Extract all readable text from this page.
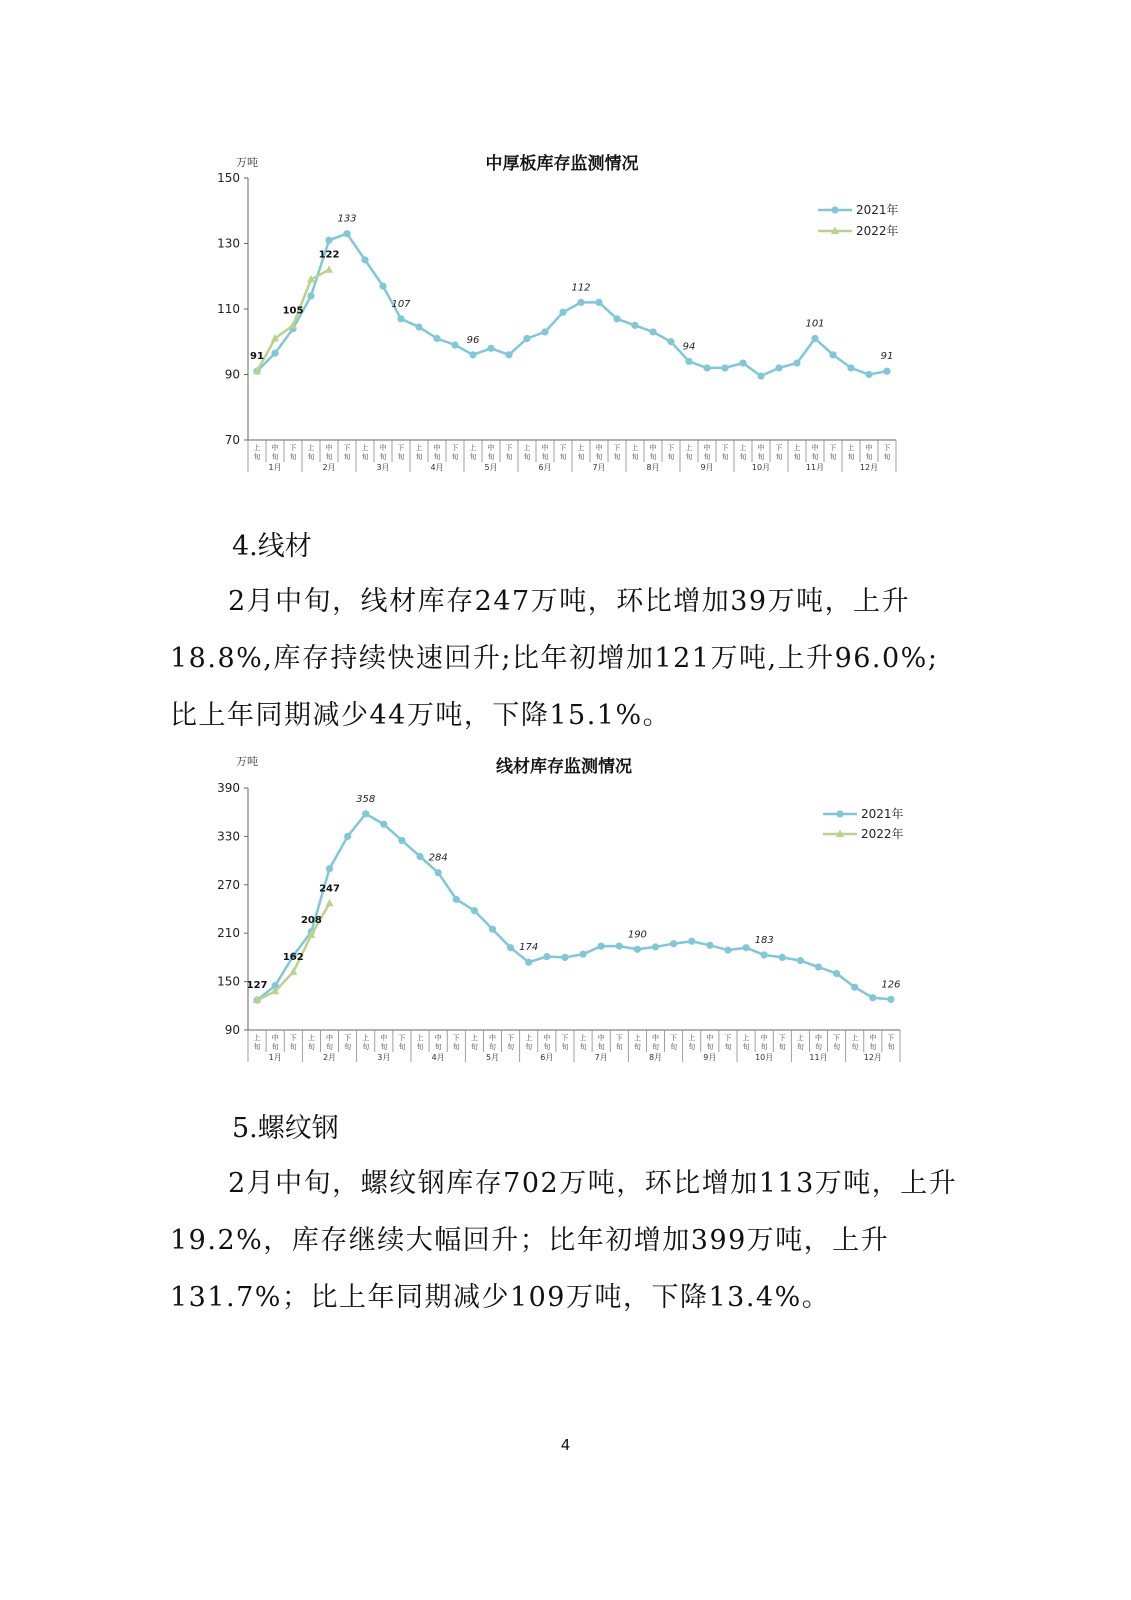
中厚板库存监测情况
万吨
70
90
110
130
150
上
旬
中
旬
下
旬
上
旬
中
旬
下
旬
上
旬
中
旬
下
旬
上
旬
中
旬
下
旬
上
旬
中
旬
下
旬
上
旬
中
旬
下
旬
上
旬
中
旬
下
旬
上
旬
中
旬
下
旬
上
旬
中
旬
下
旬
上
旬
中
旬
下
旬
上
旬
中
旬
下
旬
上
旬
中
旬
下
旬
1月	2月	3月	4月	5月	6月	7月	8月	9月	10月	11月	12月
133
107
96
112
94
101
91
91
105
122
2021年
2022年
4.线材

2月中旬，线材库存247万吨，环比增加39万吨，上升18.8%,库存持续快速回升;比年初增加121万吨,上升96.0%;比上年同期减少44万吨，下降15.1%。

线材库存监测情况
万吨
90
150
210
270
330
390
上
旬
中
旬
下
旬
上
旬
中
旬
下
旬
上
旬
中
旬
下
旬
上
旬
中
旬
下
旬
上
旬
中
旬
下
旬
上
旬
中
旬
下
旬
上
旬
中
旬
下
旬
上
旬
中
旬
下
旬
上
旬
中
旬
下
旬
上
旬
中
旬
下
旬
上
旬
中
旬
下
旬
上
旬
中
旬
下
旬
1月	2月	3月	4月	5月	6月	7月	8月	9月	10月	11月	12月
358
284
174
190
183
126
127
162
208
247
2021年
2022年
5.螺纹钢

2月中旬，螺纹钢库存702万吨，环比增加113万吨，上升19.2%，库存继续大幅回升；比年初增加399万吨，上升131.7%；比上年同期减少109万吨，下降13.4%。

4
